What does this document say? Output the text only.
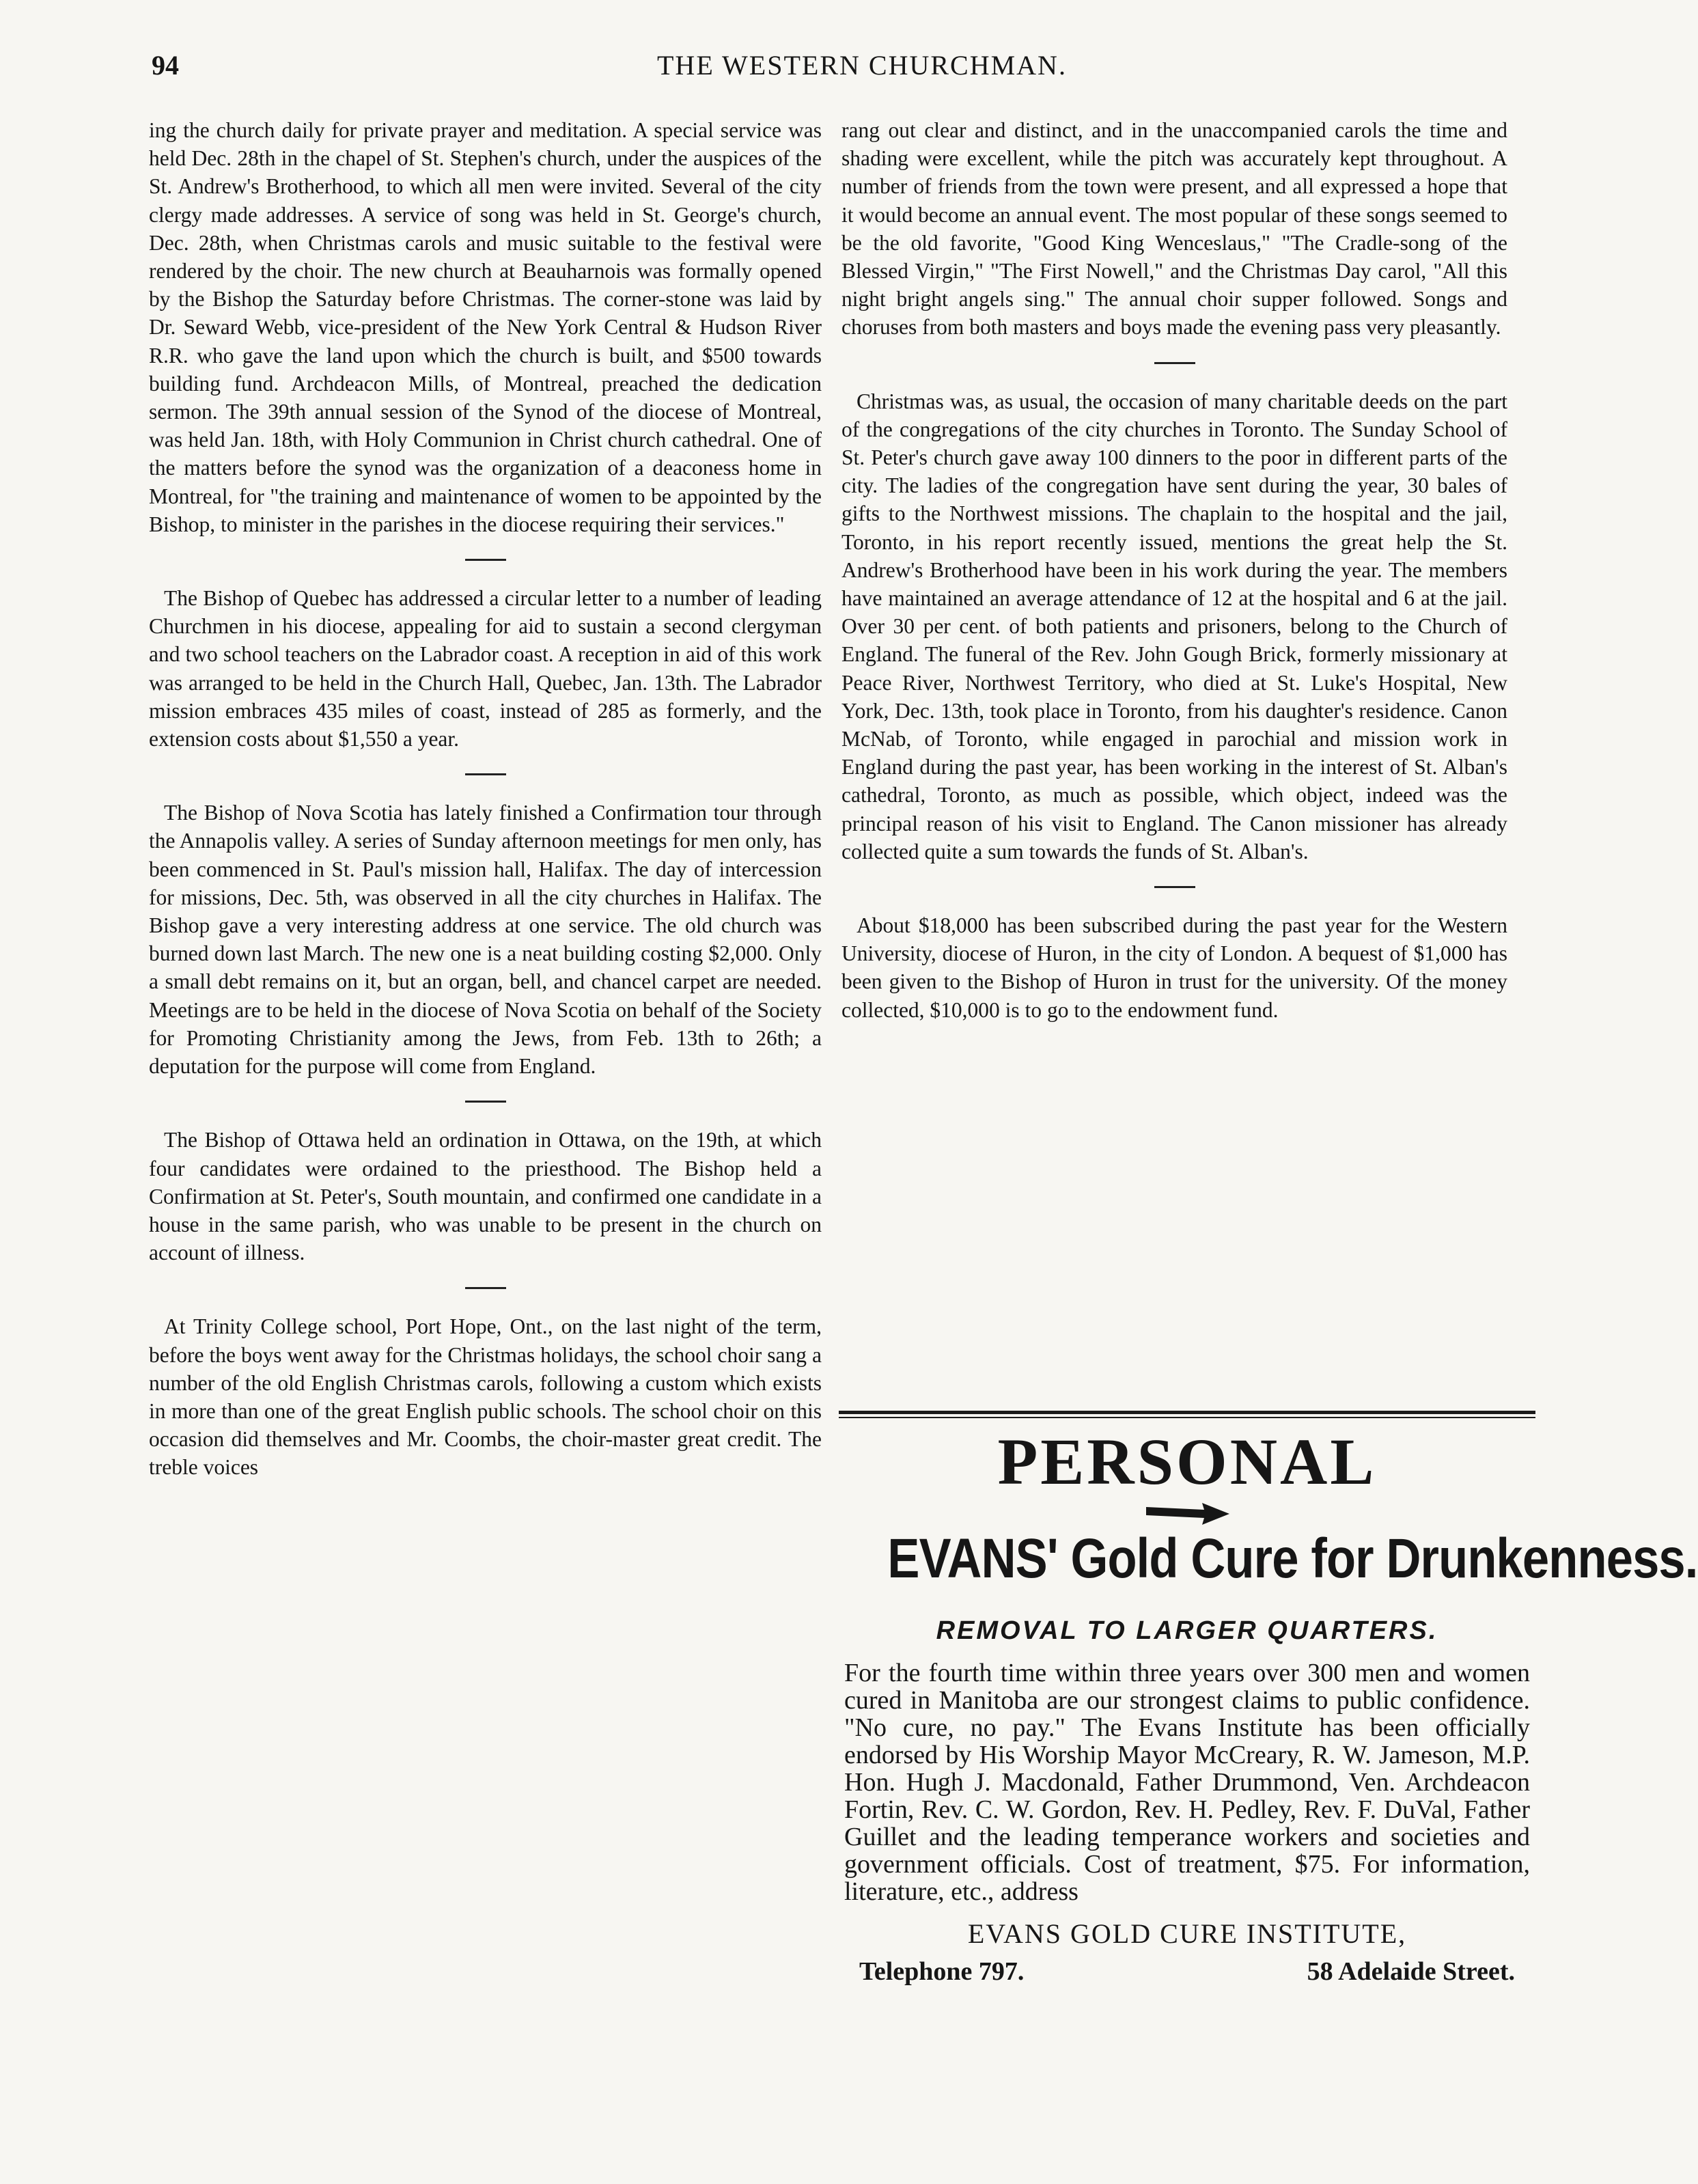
94	THE WESTERN CHURCHMAN.

ing the church daily for private prayer and meditation. A special service was held Dec. 28th in the chapel of St. Stephen's church, under the auspices of the St. Andrew's Brotherhood, to which all men were invited. Several of the city clergy made addresses. A service of song was held in St. George's church, Dec. 28th, when Christmas carols and music suitable to the festival were rendered by the choir. The new church at Beauharnois was formally opened by the Bishop the Saturday before Christmas. The corner-stone was laid by Dr. Seward Webb, vice-president of the New York Central & Hudson River R.R. who gave the land upon which the church is built, and $500 towards building fund. Archdeacon Mills, of Montreal, preached the dedication sermon. The 39th annual session of the Synod of the diocese of Montreal, was held Jan. 18th, with Holy Communion in Christ church cathedral. One of the matters before the synod was the organization of a deaconess home in Montreal, for "the training and maintenance of women to be appointed by the Bishop, to minister in the parishes in the diocese requiring their services."

The Bishop of Quebec has addressed a circular letter to a number of leading Churchmen in his diocese, appealing for aid to sustain a second clergyman and two school teachers on the Labrador coast. A reception in aid of this work was arranged to be held in the Church Hall, Quebec, Jan. 13th. The Labrador mission embraces 435 miles of coast, instead of 285 as formerly, and the extension costs about $1,550 a year.

The Bishop of Nova Scotia has lately finished a Confirmation tour through the Annapolis valley. A series of Sunday afternoon meetings for men only, has been commenced in St. Paul's mission hall, Halifax. The day of intercession for missions, Dec. 5th, was observed in all the city churches in Halifax. The Bishop gave a very interesting address at one service. The old church was burned down last March. The new one is a neat building costing $2,000. Only a small debt remains on it, but an organ, bell, and chancel carpet are needed. Meetings are to be held in the diocese of Nova Scotia on behalf of the Society for Promoting Christianity among the Jews, from Feb. 13th to 26th; a deputation for the purpose will come from England.

The Bishop of Ottawa held an ordination in Ottawa, on the 19th, at which four candidates were ordained to the priesthood. The Bishop held a Confirmation at St. Peter's, South mountain, and confirmed one candidate in a house in the same parish, who was unable to be present in the church on account of illness.

At Trinity College school, Port Hope, Ont., on the last night of the term, before the boys went away for the Christmas holidays, the school choir sang a number of the old English Christmas carols, following a custom which exists in more than one of the great English public schools. The school choir on this occasion did themselves and Mr. Coombs, the choir-master great credit. The treble voices

rang out clear and distinct, and in the unaccompanied carols the time and shading were excellent, while the pitch was accurately kept throughout. A number of friends from the town were present, and all expressed a hope that it would become an annual event. The most popular of these songs seemed to be the old favorite, "Good King Wenceslaus," "The Cradle-song of the Blessed Virgin," "The First Nowell," and the Christmas Day carol, "All this night bright angels sing." The annual choir supper followed. Songs and choruses from both masters and boys made the evening pass very pleasantly.

Christmas was, as usual, the occasion of many charitable deeds on the part of the congregations of the city churches in Toronto. The Sunday School of St. Peter's church gave away 100 dinners to the poor in different parts of the city. The ladies of the congregation have sent during the year, 30 bales of gifts to the Northwest missions. The chaplain to the hospital and the jail, Toronto, in his report recently issued, mentions the great help the St. Andrew's Brotherhood have been in his work during the year. The members have maintained an average attendance of 12 at the hospital and 6 at the jail. Over 30 per cent. of both patients and prisoners, belong to the Church of England. The funeral of the Rev. John Gough Brick, formerly missionary at Peace River, Northwest Territory, who died at St. Luke's Hospital, New York, Dec. 13th, took place in Toronto, from his daughter's residence. Canon McNab, of Toronto, while engaged in parochial and mission work in England during the past year, has been working in the interest of St. Alban's cathedral, Toronto, as much as possible, which object, indeed was the principal reason of his visit to England. The Canon missioner has already collected quite a sum towards the funds of St. Alban's.

About $18,000 has been subscribed during the past year for the Western University, diocese of Huron, in the city of London. A bequest of $1,000 has been given to the Bishop of Huron in trust for the university. Of the money collected, $10,000 is to go to the endowment fund.

PERSONAL
EVANS' Gold Cure for Drunkenness.
REMOVAL TO LARGER QUARTERS.
For the fourth time within three years over 300 men and women cured in Manitoba are our strongest claims to public confidence. "No cure, no pay." The Evans Institute has been officially endorsed by His Worship Mayor McCreary, R. W. Jameson, M.P. Hon. Hugh J. Macdonald, Father Drummond, Ven. Archdeacon Fortin, Rev. C. W. Gordon, Rev. H. Pedley, Rev. F. DuVal, Father Guillet and the leading temperance workers and societies and government officials. Cost of treatment, $75. For information, literature, etc., address
EVANS GOLD CURE INSTITUTE,
Telephone 797.	58 Adelaide Street.
